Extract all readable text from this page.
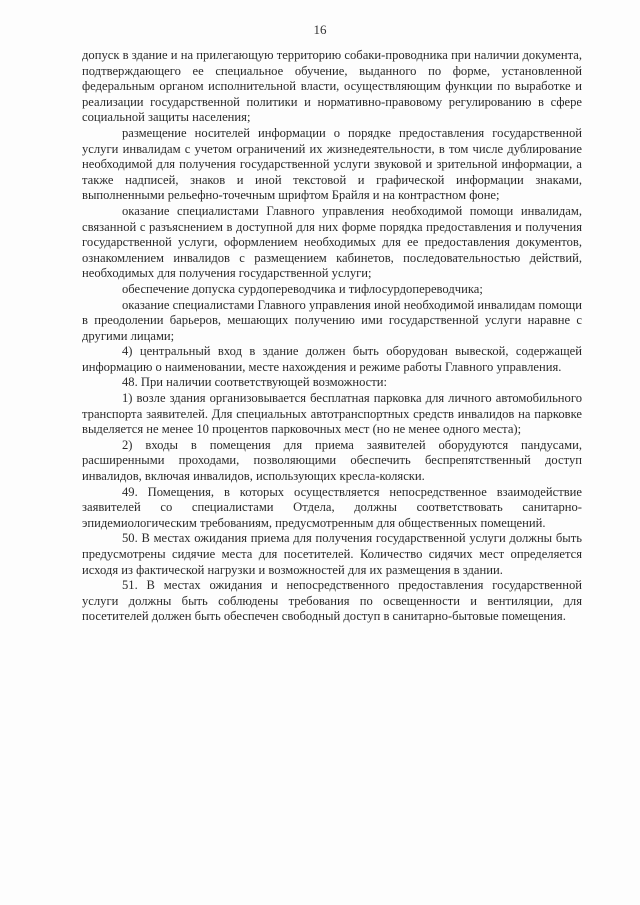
16

допуск в здание и на прилегающую территорию собаки-проводника при наличии документа, подтверждающего ее специальное обучение, выданного по форме, установленной федеральным органом исполнительной власти, осуществляющим функции по выработке и реализации государственной политики и нормативно-правовому регулированию в сфере социальной защиты населения;

размещение носителей информации о порядке предоставления государственной услуги инвалидам с учетом ограничений их жизнедеятельности, в том числе дублирование необходимой для получения государственной услуги звуковой и зрительной информации, а также надписей, знаков и иной текстовой и графической информации знаками, выполненными рельефно-точечным шрифтом Брайля и на контрастном фоне;

оказание специалистами Главного управления необходимой помощи инвалидам, связанной с разъяснением в доступной для них форме порядка предоставления и получения государственной услуги, оформлением необходимых для ее предоставления документов, ознакомлением инвалидов с размещением кабинетов, последовательностью действий, необходимых для получения государственной услуги;

обеспечение допуска сурдопереводчика и тифлосурдопереводчика;

оказание специалистами Главного управления иной необходимой инвалидам помощи в преодолении барьеров, мешающих получению ими государственной услуги наравне с другими лицами;

4) центральный вход в здание должен быть оборудован вывеской, содержащей информацию о наименовании, месте нахождения и режиме работы Главного управления.

48. При наличии соответствующей возможности:

1) возле здания организовывается бесплатная парковка для личного автомобильного транспорта заявителей. Для специальных автотранспортных средств инвалидов на парковке выделяется не менее 10 процентов парковочных мест (но не менее одного места);

2) входы в помещения для приема заявителей оборудуются пандусами, расширенными проходами, позволяющими обеспечить беспрепятственный доступ инвалидов, включая инвалидов, использующих кресла-коляски.

49. Помещения, в которых осуществляется непосредственное взаимодействие заявителей со специалистами Отдела, должны соответствовать санитарно-эпидемиологическим требованиям, предусмотренным для общественных помещений.

50. В местах ожидания приема для получения государственной услуги должны быть предусмотрены сидячие места для посетителей. Количество сидячих мест определяется исходя из фактической нагрузки и возможностей для их размещения в здании.

51. В местах ожидания и непосредственного предоставления государственной услуги должны быть соблюдены требования по освещенности и вентиляции, для посетителей должен быть обеспечен свободный доступ в санитарно-бытовые помещения.
